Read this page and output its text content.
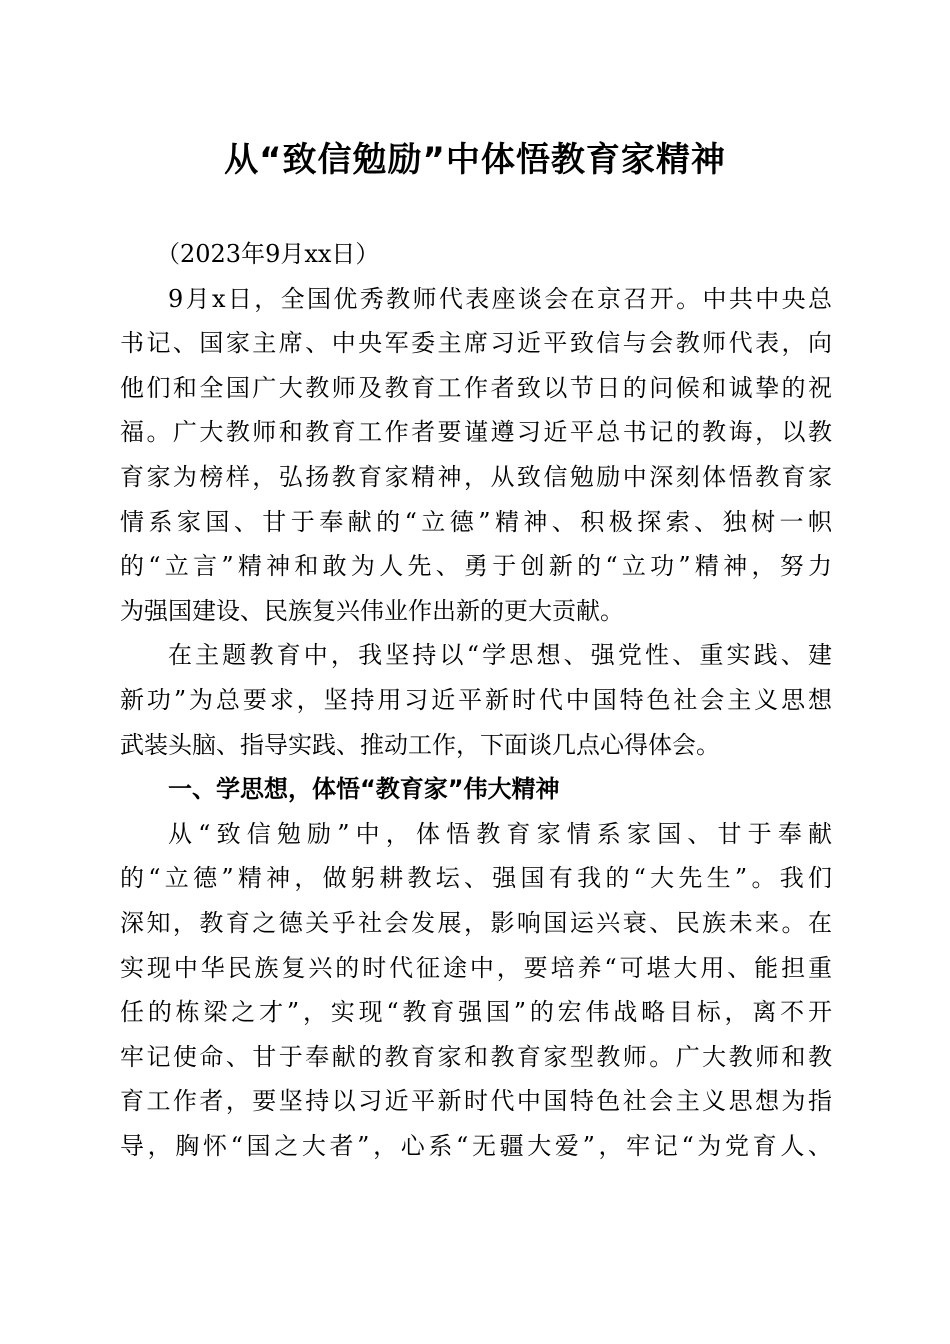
从“致信勉励”中体悟教育家精神
（2023年9月xx日）
9月x日，全国优秀教师代表座谈会在京召开。中共中央总
书记、国家主席、中央军委主席习近平致信与会教师代表，向
他们和全国广大教师及教育工作者致以节日的问候和诚挚的祝
福。广大教师和教育工作者要谨遵习近平总书记的教诲，以教
育家为榜样，弘扬教育家精神，从致信勉励中深刻体悟教育家
情系家国、甘于奉献的“立德”精神、积极探索、独树一帜
的“立言”精神和敢为人先、勇于创新的“立功”精神，努力
为强国建设、民族复兴伟业作出新的更大贡献。
在主题教育中，我坚持以“学思想、强党性、重实践、建
新功”为总要求，坚持用习近平新时代中国特色社会主义思想
武装头脑、指导实践、推动工作，下面谈几点心得体会。
一、学思想，体悟“教育家”伟大精神
从“致信勉励”中，体悟教育家情系家国、甘于奉献
的“立德”精神，做躬耕教坛、强国有我的“大先生”。我们
深知，教育之德关乎社会发展，影响国运兴衰、民族未来。在
实现中华民族复兴的时代征途中，要培养“可堪大用、能担重
任的栋梁之才”，实现“教育强国”的宏伟战略目标，离不开
牢记使命、甘于奉献的教育家和教育家型教师。广大教师和教
育工作者，要坚持以习近平新时代中国特色社会主义思想为指
导，胸怀“国之大者”，心系“无疆大爱”，牢记“为党育人、
